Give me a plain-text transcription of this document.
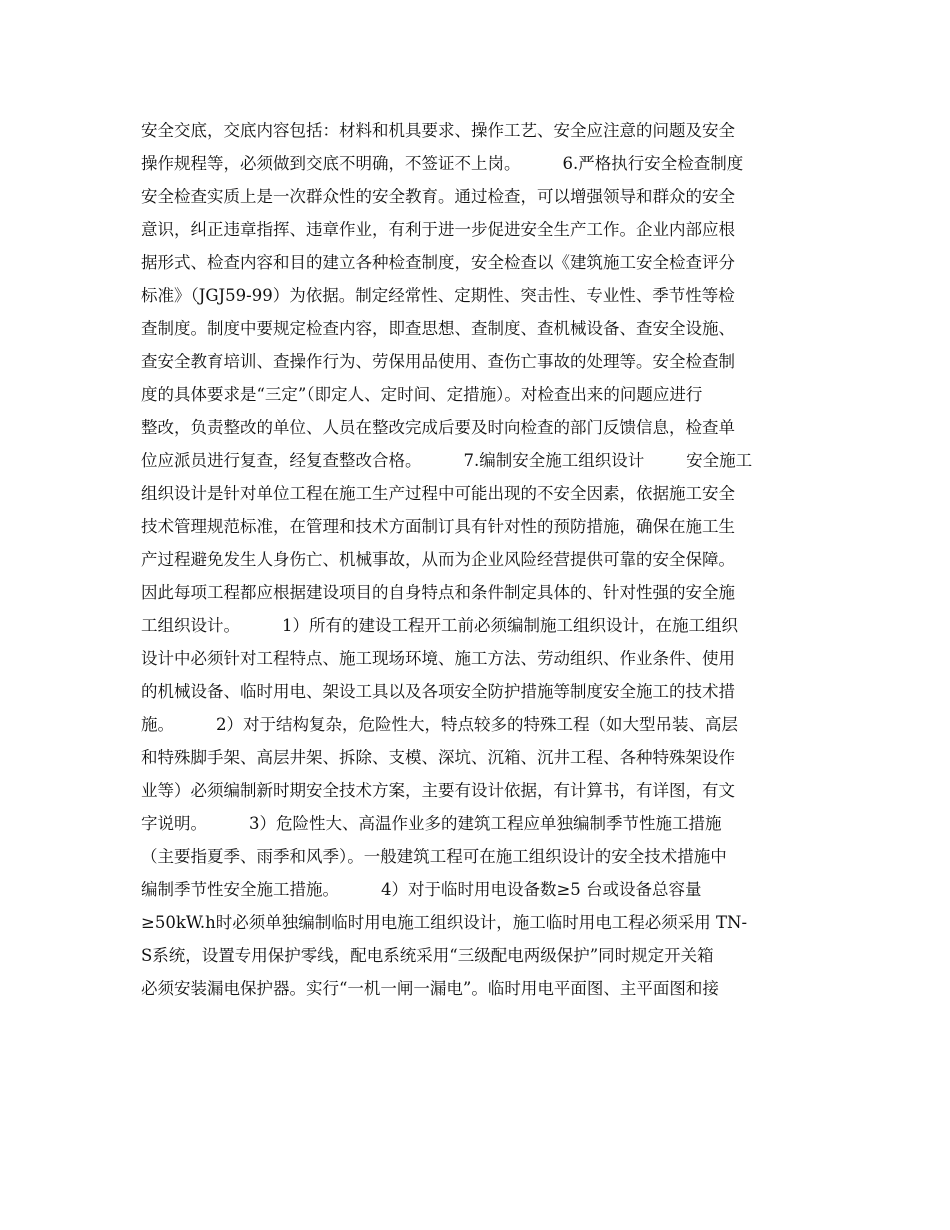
安全交底，交底内容包括：材料和机具要求、操作工艺、安全应注意的问题及安全
操作规程等，必须做到交底不明确，不签证不上岗。        6.严格执行安全检查制度
安全检查实质上是一次群众性的安全教育。通过检查，可以增强领导和群众的安全
意识，纠正违章指挥、违章作业，有利于进一步促进安全生产工作。企业内部应根
据形式、检查内容和目的建立各种检查制度，安全检查以《建筑施工安全检查评分
标准》（JGJ59-99）为依据。制定经常性、定期性、突击性、专业性、季节性等检
查制度。制度中要规定检查内容，即查思想、查制度、查机械设备、查安全设施、
查安全教育培训、查操作行为、劳保用品使用、查伤亡事故的处理等。安全检查制
度的具体要求是“三定”（即定人、定时间、定措施）。对检查出来的问题应进行
整改，负责整改的单位、人员在整改完成后要及时向检查的部门反馈信息，检查单
位应派员进行复查，经复查整改合格。        7.编制安全施工组织设计        安全施工
组织设计是针对单位工程在施工生产过程中可能出现的不安全因素，依据施工安全
技术管理规范标准，在管理和技术方面制订具有针对性的预防措施，确保在施工生
产过程避免发生人身伤亡、机械事故，从而为企业风险经营提供可靠的安全保障。
因此每项工程都应根据建设项目的自身特点和条件制定具体的、针对性强的安全施
工组织设计。        1）所有的建设工程开工前必须编制施工组织设计，在施工组织
设计中必须针对工程特点、施工现场环境、施工方法、劳动组织、作业条件、使用
的机械设备、临时用电、架设工具以及各项安全防护措施等制度安全施工的技术措
施。        2）对于结构复杂，危险性大，特点较多的特殊工程（如大型吊装、高层
和特殊脚手架、高层井架、拆除、支模、深坑、沉箱、沉井工程、各种特殊架设作
业等）必须编制新时期安全技术方案，主要有设计依据，有计算书，有详图，有文
字说明。        3）危险性大、高温作业多的建筑工程应单独编制季节性施工措施
（主要指夏季、雨季和风季）。一般建筑工程可在施工组织设计的安全技术措施中
编制季节性安全施工措施。        4）对于临时用电设备数≥5 台或设备总容量
≥50kW.h时必须单独编制临时用电施工组织设计，施工临时用电工程必须采用 TN-
S系统，设置专用保护零线，配电系统采用“三级配电两级保护”同时规定开关箱
必须安装漏电保护器。实行“一机一闸一漏电”。临时用电平面图、主平面图和接
